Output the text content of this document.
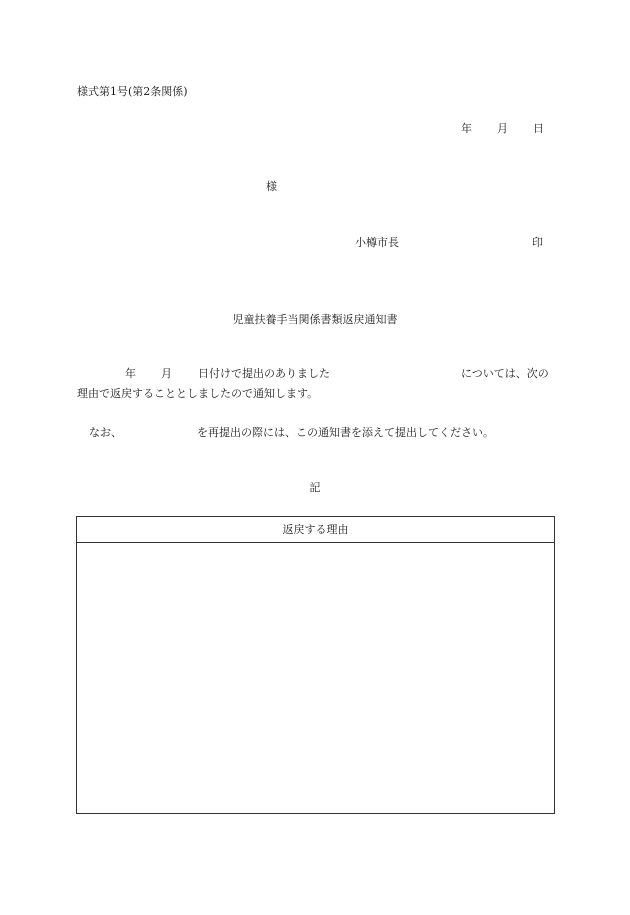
様式第1号(第2条関係)
年 月 日
様
小樽市長	印
児童扶養手当関係書類返戻通知書
年 月 日付けで提出のありました	については、次の
理由で返戻することとしましたので通知します。
なお、	を再提出の際には、この通知書を添えて提出してください。
記
返戻する理由
